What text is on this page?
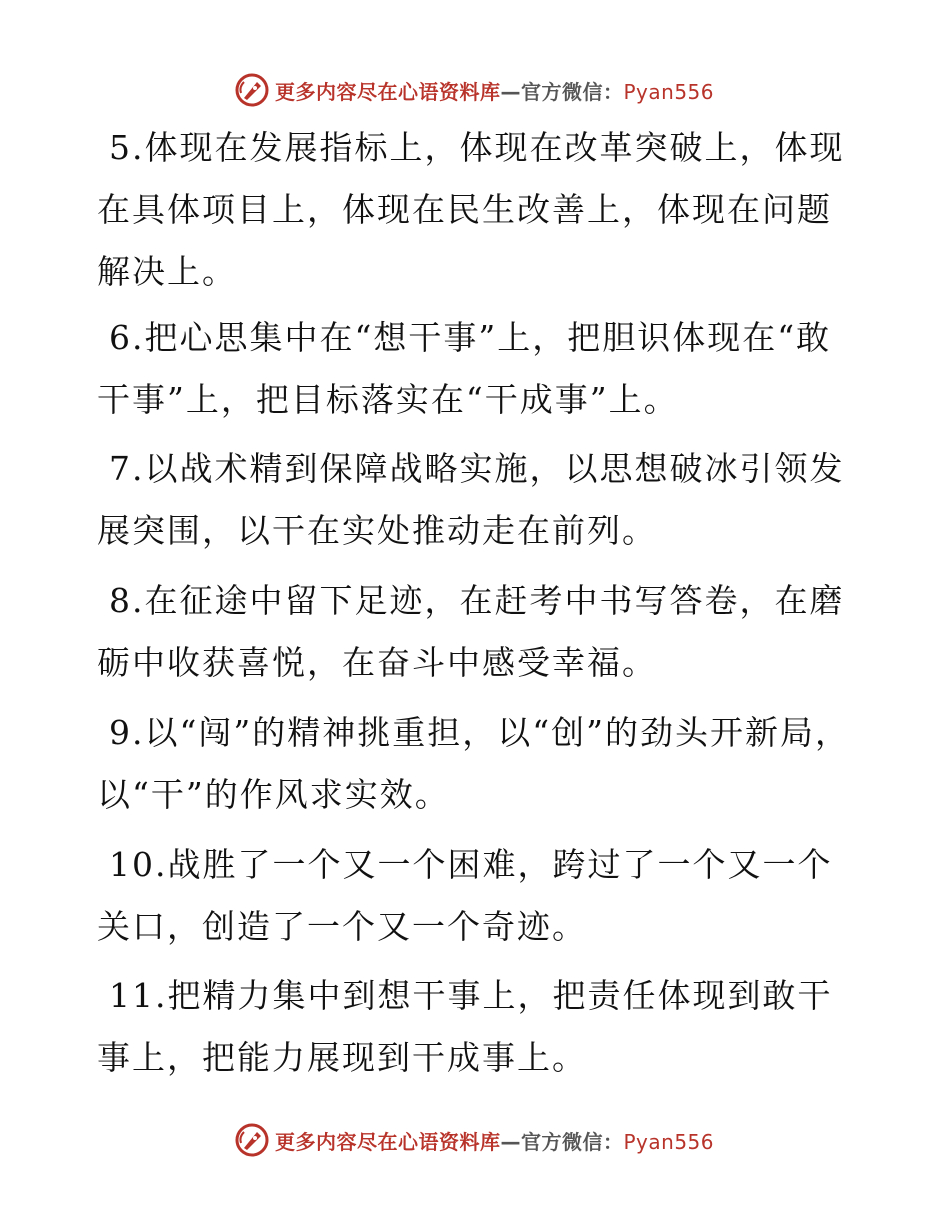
更多内容尽在心语资料库—官方微信：Pyan556

5.体现在发展指标上，体现在改革突破上，体现在具体项目上，体现在民生改善上，体现在问题解决上。

6.把心思集中在“想干事”上，把胆识体现在“敢干事”上，把目标落实在“干成事”上。

7.以战术精到保障战略实施，以思想破冰引领发展突围，以干在实处推动走在前列。

8.在征途中留下足迹，在赶考中书写答卷，在磨砺中收获喜悦，在奋斗中感受幸福。

9.以“闯”的精神挑重担，以“创”的劲头开新局，以“干”的作风求实效。

10.战胜了一个又一个困难，跨过了一个又一个关口，创造了一个又一个奇迹。

11.把精力集中到想干事上，把责任体现到敢干事上，把能力展现到干成事上。

更多内容尽在心语资料库—官方微信：Pyan556
